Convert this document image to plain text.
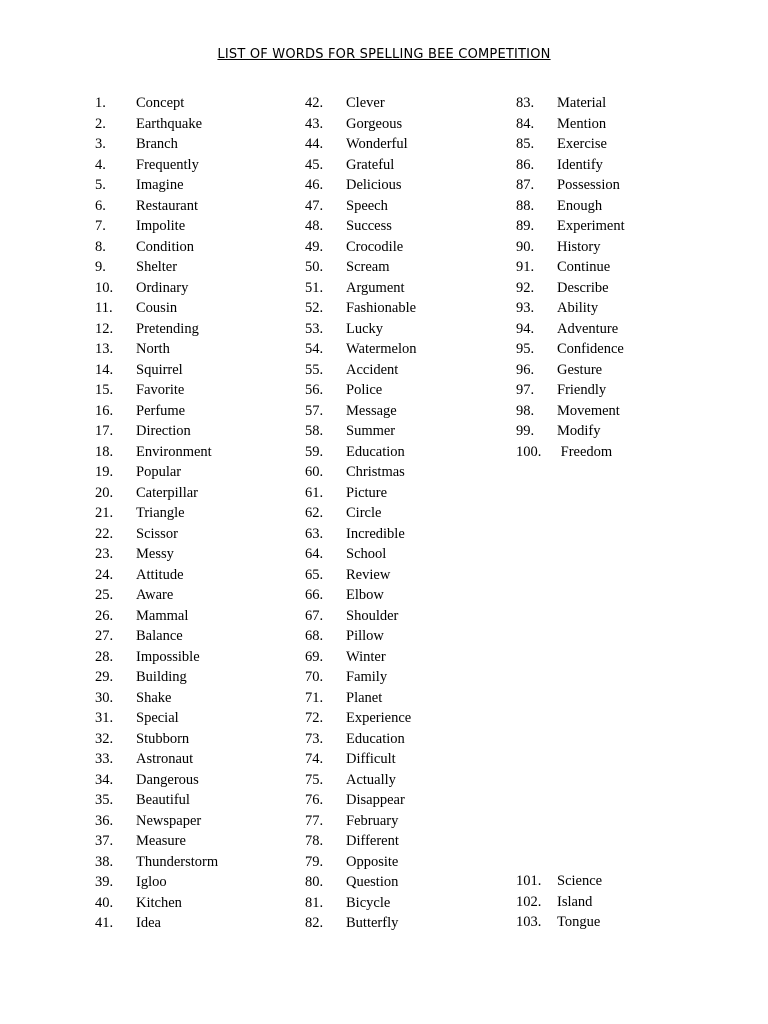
LIST OF WORDS FOR SPELLING BEE COMPETITION
1. Concept
2. Earthquake
3. Branch
4. Frequently
5. Imagine
6. Restaurant
7. Impolite
8. Condition
9. Shelter
10. Ordinary
11. Cousin
12. Pretending
13. North
14. Squirrel
15. Favorite
16. Perfume
17. Direction
18. Environment
19. Popular
20. Caterpillar
21. Triangle
22. Scissor
23. Messy
24. Attitude
25. Aware
26. Mammal
27. Balance
28. Impossible
29. Building
30. Shake
31. Special
32. Stubborn
33. Astronaut
34. Dangerous
35. Beautiful
36. Newspaper
37. Measure
38. Thunderstorm
39. Igloo
40. Kitchen
41. Idea
42. Clever
43. Gorgeous
44. Wonderful
45. Grateful
46. Delicious
47. Speech
48. Success
49. Crocodile
50. Scream
51. Argument
52. Fashionable
53. Lucky
54. Watermelon
55. Accident
56. Police
57. Message
58. Summer
59. Education
60. Christmas
61. Picture
62. Circle
63. Incredible
64. School
65. Review
66. Elbow
67. Shoulder
68. Pillow
69. Winter
70. Family
71. Planet
72. Experience
73. Education
74. Difficult
75. Actually
76. Disappear
77. February
78. Different
79. Opposite
80. Question
81. Bicycle
82. Butterfly
83. Material
84. Mention
85. Exercise
86. Identify
87. Possession
88. Enough
89. Experiment
90. History
91. Continue
92. Describe
93. Ability
94. Adventure
95. Confidence
96. Gesture
97. Friendly
98. Movement
99. Modify
100. Freedom
101. Science
102. Island
103. Tongue
